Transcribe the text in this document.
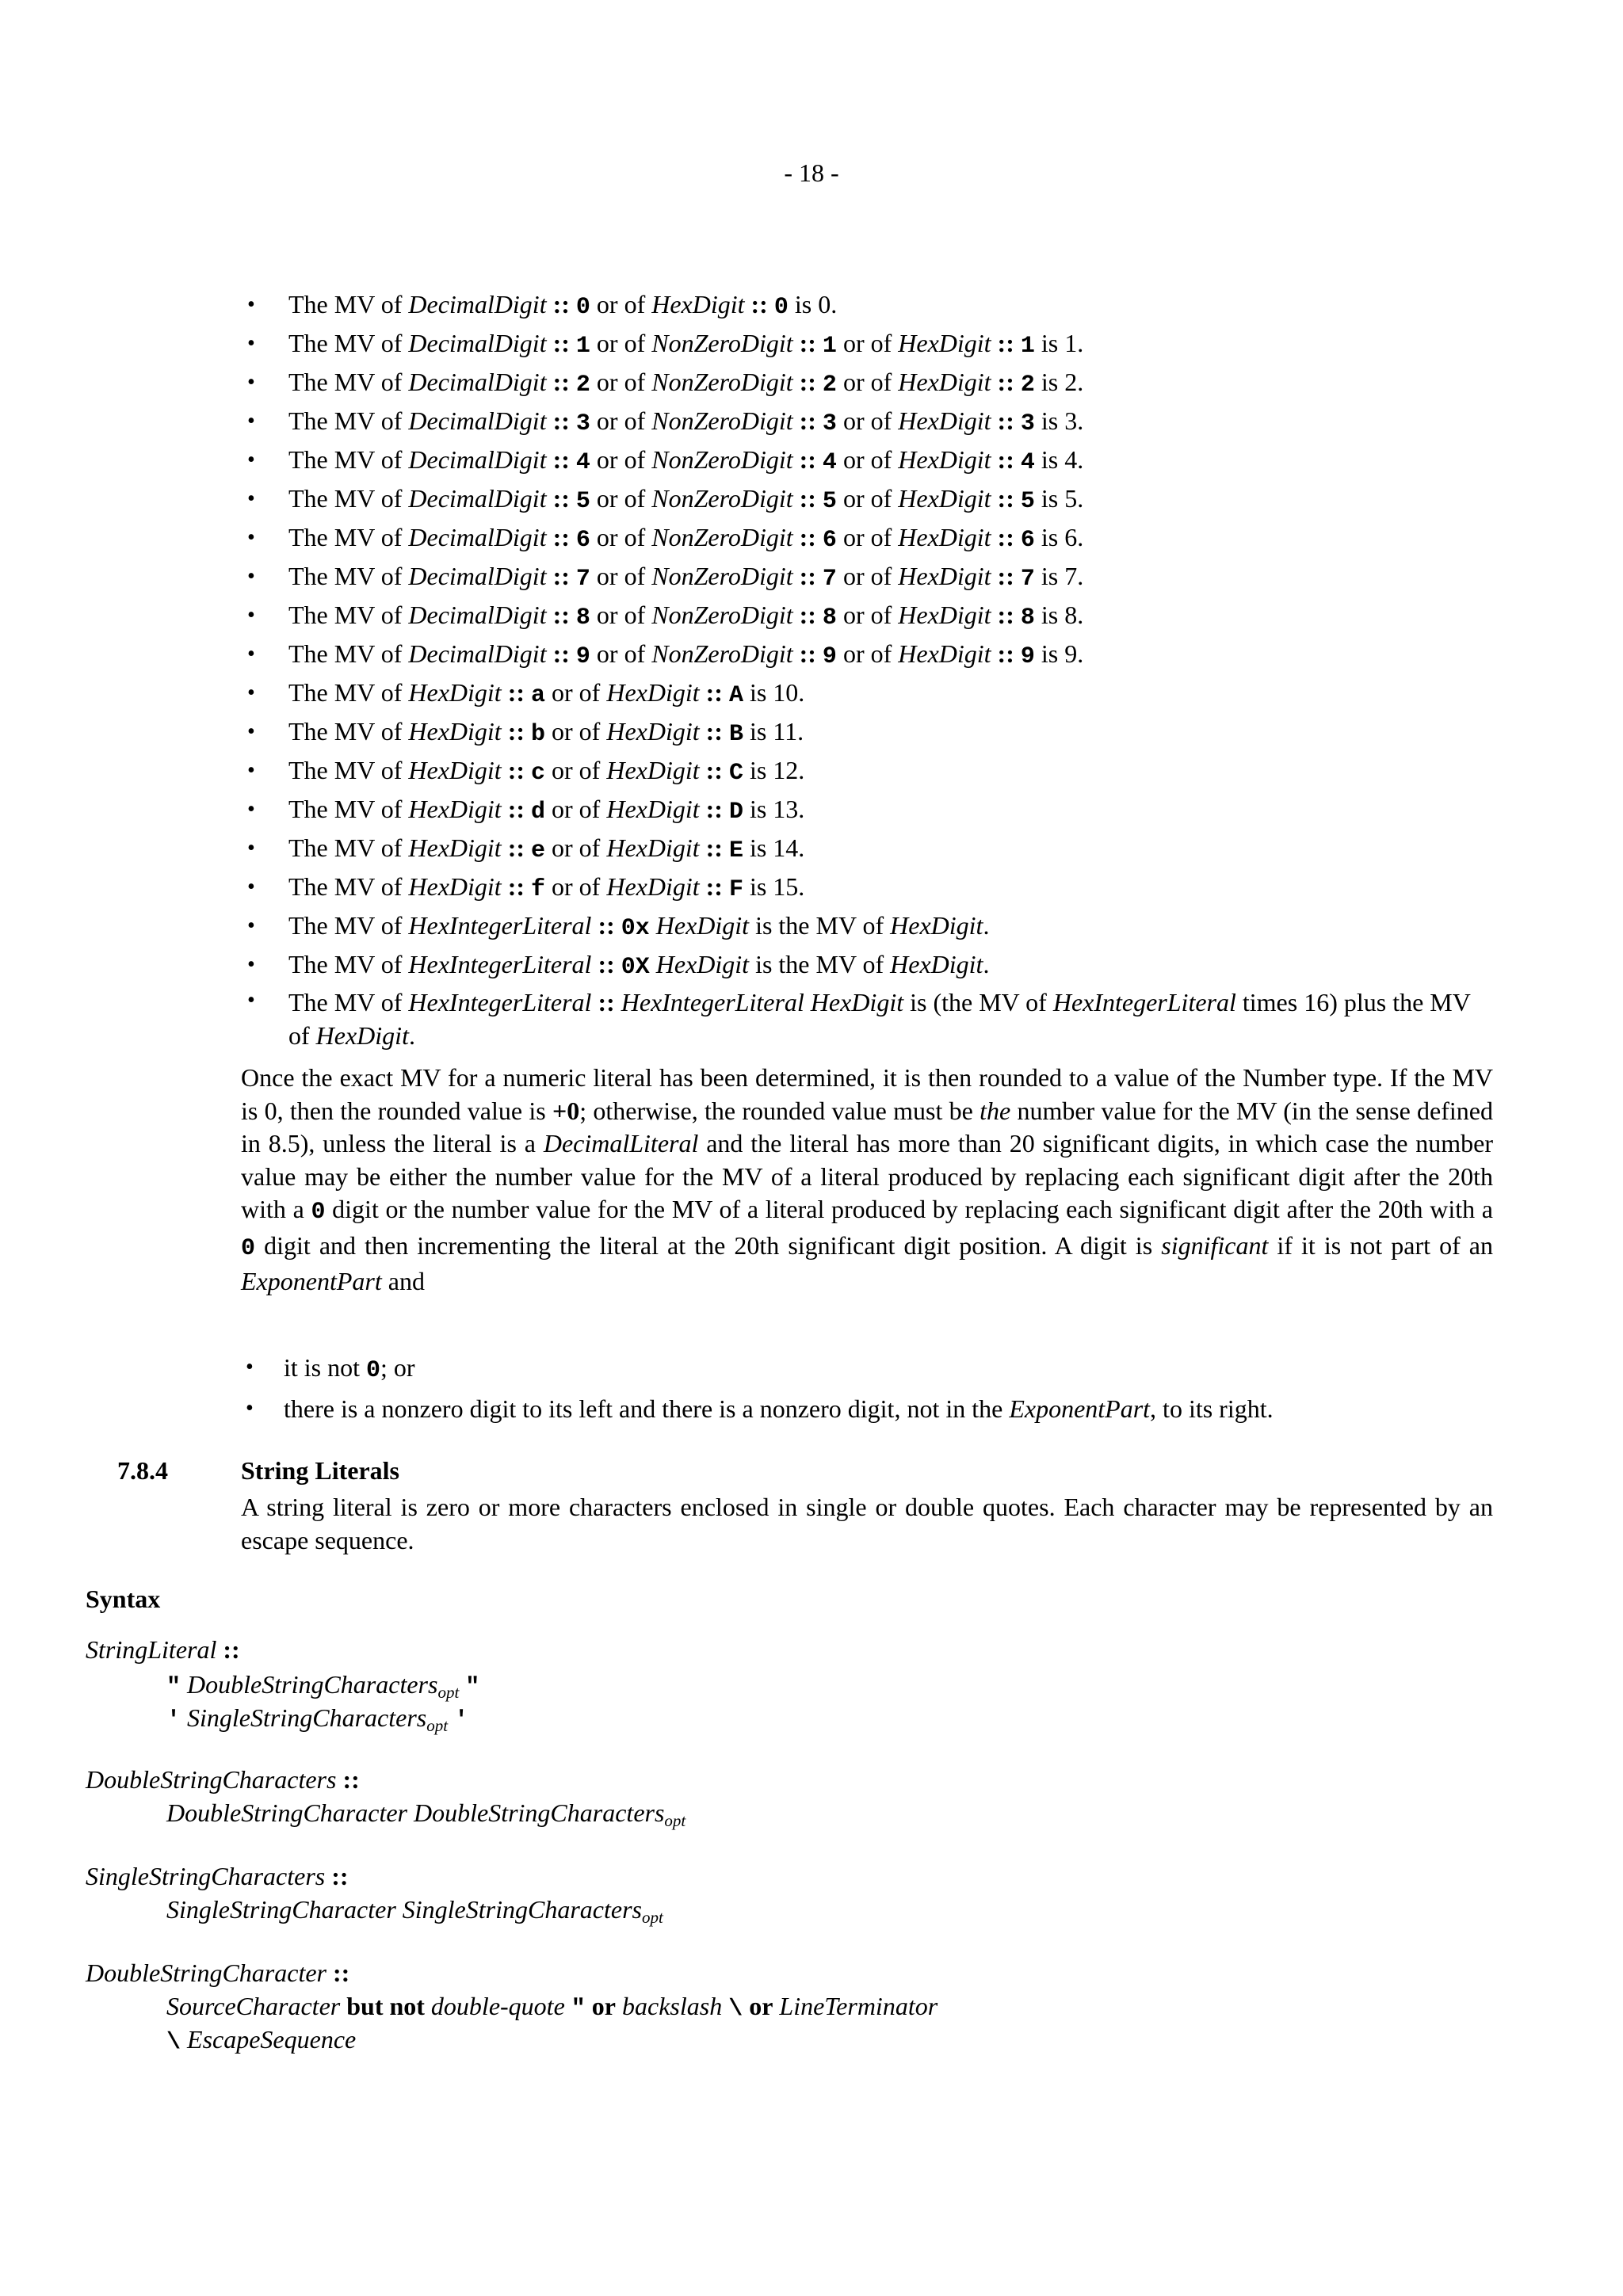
- 18 -
• The MV of DecimalDigit :: 0 or of HexDigit :: 0 is 0.
• The MV of DecimalDigit :: 1 or of NonZeroDigit :: 1 or of HexDigit :: 1 is 1.
• The MV of DecimalDigit :: 2 or of NonZeroDigit :: 2 or of HexDigit :: 2 is 2.
• The MV of DecimalDigit :: 3 or of NonZeroDigit :: 3 or of HexDigit :: 3 is 3.
• The MV of DecimalDigit :: 4 or of NonZeroDigit :: 4 or of HexDigit :: 4 is 4.
• The MV of DecimalDigit :: 5 or of NonZeroDigit :: 5 or of HexDigit :: 5 is 5.
• The MV of DecimalDigit :: 6 or of NonZeroDigit :: 6 or of HexDigit :: 6 is 6.
• The MV of DecimalDigit :: 7 or of NonZeroDigit :: 7 or of HexDigit :: 7 is 7.
• The MV of DecimalDigit :: 8 or of NonZeroDigit :: 8 or of HexDigit :: 8 is 8.
• The MV of DecimalDigit :: 9 or of NonZeroDigit :: 9 or of HexDigit :: 9 is 9.
• The MV of HexDigit :: a or of HexDigit :: A is 10.
• The MV of HexDigit :: b or of HexDigit :: B is 11.
• The MV of HexDigit :: c or of HexDigit :: C is 12.
• The MV of HexDigit :: d or of HexDigit :: D is 13.
• The MV of HexDigit :: e or of HexDigit :: E is 14.
• The MV of HexDigit :: f or of HexDigit :: F is 15.
• The MV of HexIntegerLiteral :: 0x HexDigit is the MV of HexDigit.
• The MV of HexIntegerLiteral :: 0X HexDigit is the MV of HexDigit.
• The MV of HexIntegerLiteral :: HexIntegerLiteral HexDigit is (the MV of HexIntegerLiteral times 16) plus the MV of HexDigit.

Once the exact MV for a numeric literal has been determined, it is then rounded to a value of the Number type. If the MV is 0, then the rounded value is +0; otherwise, the rounded value must be the number value for the MV (in the sense defined in 8.5), unless the literal is a DecimalLiteral and the literal has more than 20 significant digits, in which case the number value may be either the number value for the MV of a literal produced by replacing each significant digit after the 20th with a 0 digit or the number value for the MV of a literal produced by replacing each significant digit after the 20th with a 0 digit and then incrementing the literal at the 20th significant digit position. A digit is significant if it is not part of an ExponentPart and

• it is not 0; or
• there is a nonzero digit to its left and there is a nonzero digit, not in the ExponentPart, to its right.
7.8.4	String Literals

A string literal is zero or more characters enclosed in single or double quotes. Each character may be represented by an escape sequence.

Syntax
StringLiteral ::
" DoubleStringCharacters$_{opt}$ "
' SingleStringCharacters$_{opt}$ '
DoubleStringCharacters ::
DoubleStringCharacter DoubleStringCharacters$_{opt}$
SingleStringCharacters ::
SingleStringCharacter SingleStringCharacters$_{opt}$
DoubleStringCharacter ::
SourceCharacter but not double-quote " or backslash \ or LineTerminator
\ EscapeSequence
